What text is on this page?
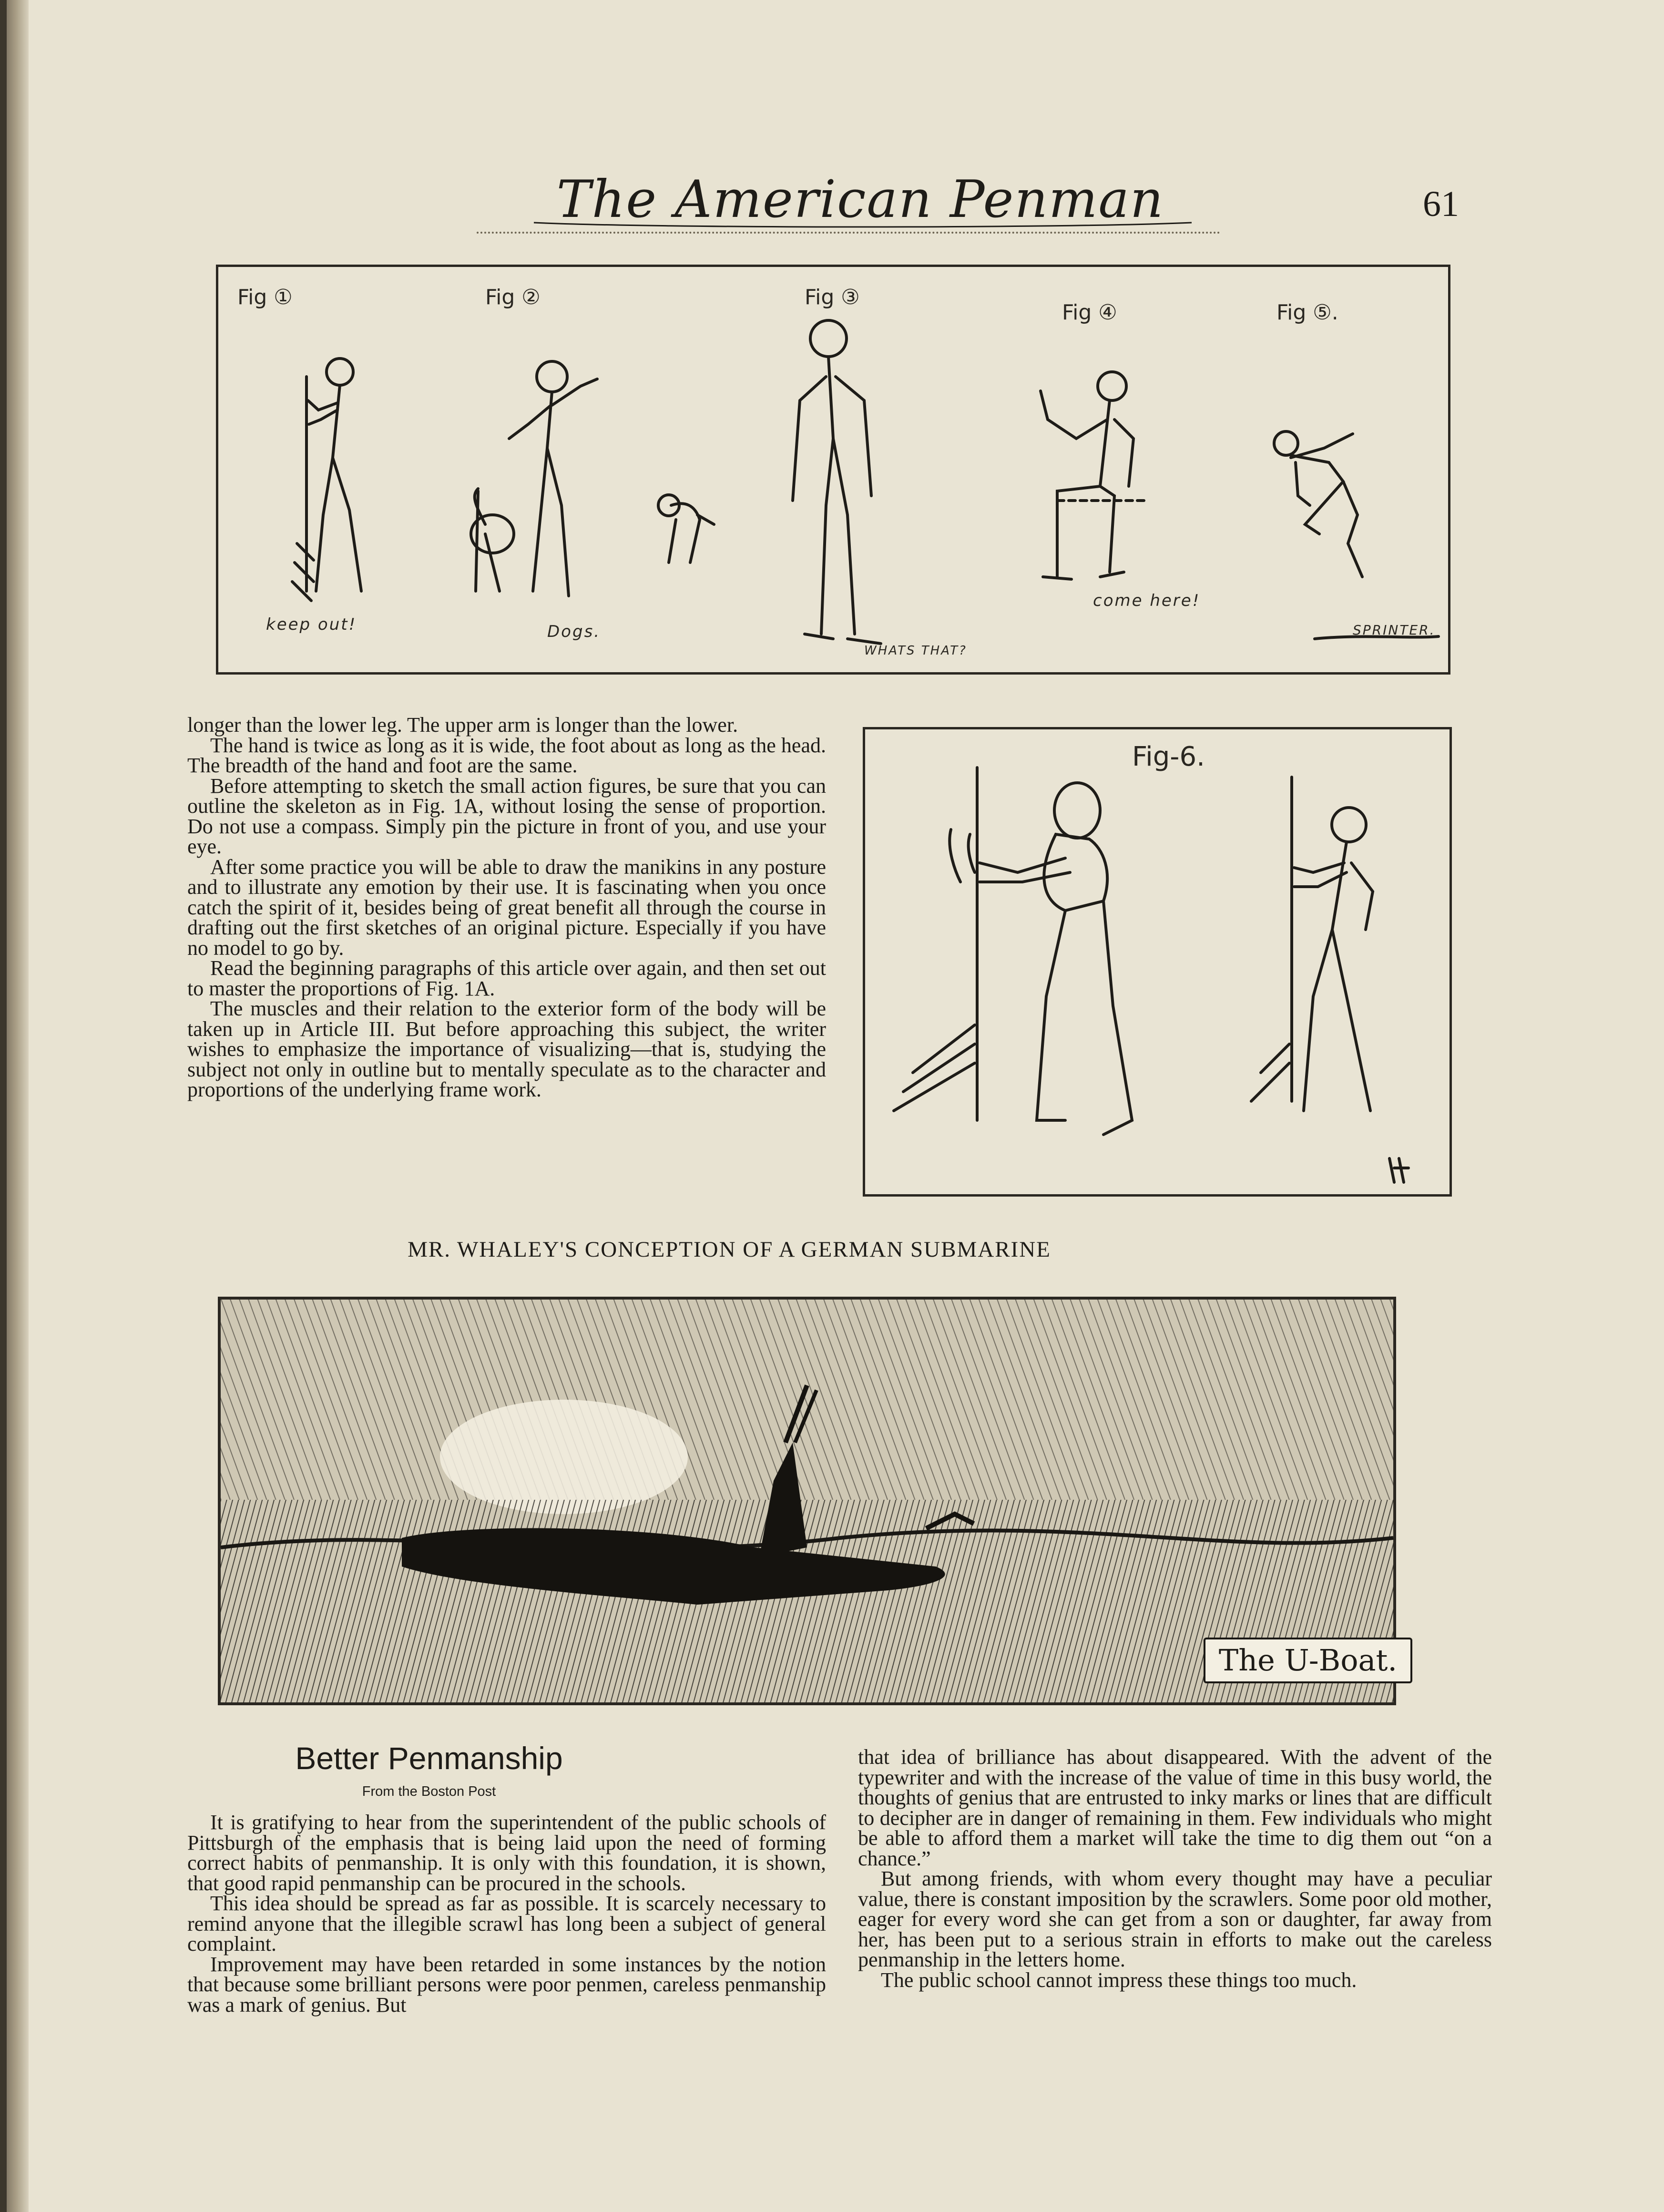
The American Penman	61
Fig ①	Fig ②	Fig ③
Fig ④	Fig ⑤.
keep out!	Dogs.
WHATS THAT?
come here!
SPRINTER.

longer than the lower leg. The upper arm is longer than the lower.

The hand is twice as long as it is wide, the foot about as long as the head. The breadth of the hand and foot are the same.

Before attempting to sketch the small action figures, be sure that you can outline the skeleton as in Fig. 1A, without losing the sense of proportion. Do not use a compass. Simply pin the picture in front of you, and use your eye.

After some practice you will be able to draw the manikins in any posture and to illustrate any emotion by their use. It is fascinating when you once catch the spirit of it, besides being of great benefit all through the course in drafting out the first sketches of an original picture. Especially if you have no model to go by.

Read the beginning paragraphs of this article over again, and then set out to master the proportions of Fig. 1A.

The muscles and their relation to the exterior form of the body will be taken up in Article III. But before approaching this subject, the writer wishes to emphasize the importance of visualizing—that is, studying the subject not only in outline but to mentally speculate as to the character and proportions of the underlying frame work.

Fig-6.
MR. WHALEY'S CONCEPTION OF A GERMAN SUBMARINE
The U-Boat.
Better Penmanship
From the Boston Post

It is gratifying to hear from the superintendent of the public schools of Pittsburgh of the emphasis that is being laid upon the need of forming correct habits of penmanship. It is only with this foundation, it is shown, that good rapid penmanship can be procured in the schools.

This idea should be spread as far as possible. It is scarcely necessary to remind anyone that the illegible scrawl has long been a subject of general complaint.

Improvement may have been retarded in some instances by the notion that because some brilliant persons were poor penmen, careless penmanship was a mark of genius. But

that idea of brilliance has about disappeared. With the advent of the typewriter and with the increase of the value of time in this busy world, the thoughts of genius that are entrusted to inky marks or lines that are difficult to decipher are in danger of remaining in them. Few individuals who might be able to afford them a market will take the time to dig them out “on a chance.”

But among friends, with whom every thought may have a peculiar value, there is constant imposition by the scrawlers. Some poor old mother, eager for every word she can get from a son or daughter, far away from her, has been put to a serious strain in efforts to make out the careless penmanship in the letters home.

The public school cannot impress these things too much.
